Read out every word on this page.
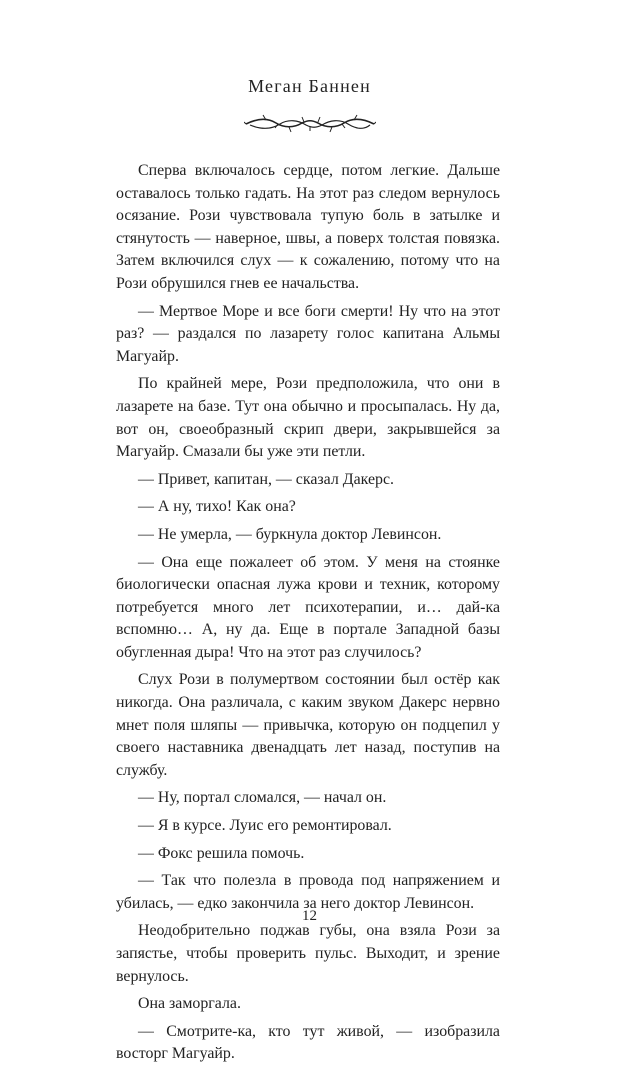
Меган Баннен

Сперва включалось сердце, потом легкие. Дальше оставалось только гадать. На этот раз следом вернулось осязание. Рози чувствовала тупую боль в затылке и стянутость — наверное, швы, а поверх толстая повязка. Затем включился слух — к сожалению, потому что на Рози обрушился гнев ее начальства.

— Мертвое Море и все боги смерти! Ну что на этот раз? — раздался по лазарету голос капитана Альмы Магуайр.

По крайней мере, Рози предположила, что они в лазарете на базе. Тут она обычно и просыпалась. Ну да, вот он, своеобразный скрип двери, закрывшейся за Магуайр. Смазали бы уже эти петли.

— Привет, капитан, — сказал Дакерс.

— А ну, тихо! Как она?

— Не умерла, — буркнула доктор Левинсон.

— Она еще пожалеет об этом. У меня на стоянке биологически опасная лужа крови и техник, которому потребуется много лет психотерапии, и… дай-ка вспомню… А, ну да. Еще в портале Западной базы обугленная дыра! Что на этот раз случилось?

Слух Рози в полумертвом состоянии был остёр как никогда. Она различала, с каким звуком Дакерс нервно мнет поля шляпы — привычка, которую он подцепил у своего наставника двенадцать лет назад, поступив на службу.

— Ну, портал сломался, — начал он.

— Я в курсе. Луис его ремонтировал.

— Фокс решила помочь.

— Так что полезла в провода под напряжением и убилась, — едко закончила за него доктор Левинсон.

Неодобрительно поджав губы, она взяла Рози за запястье, чтобы проверить пульс. Выходит, и зрение вернулось.

Она заморгала.

— Смотрите-ка, кто тут живой, — изобразила восторг Магуайр.

12
